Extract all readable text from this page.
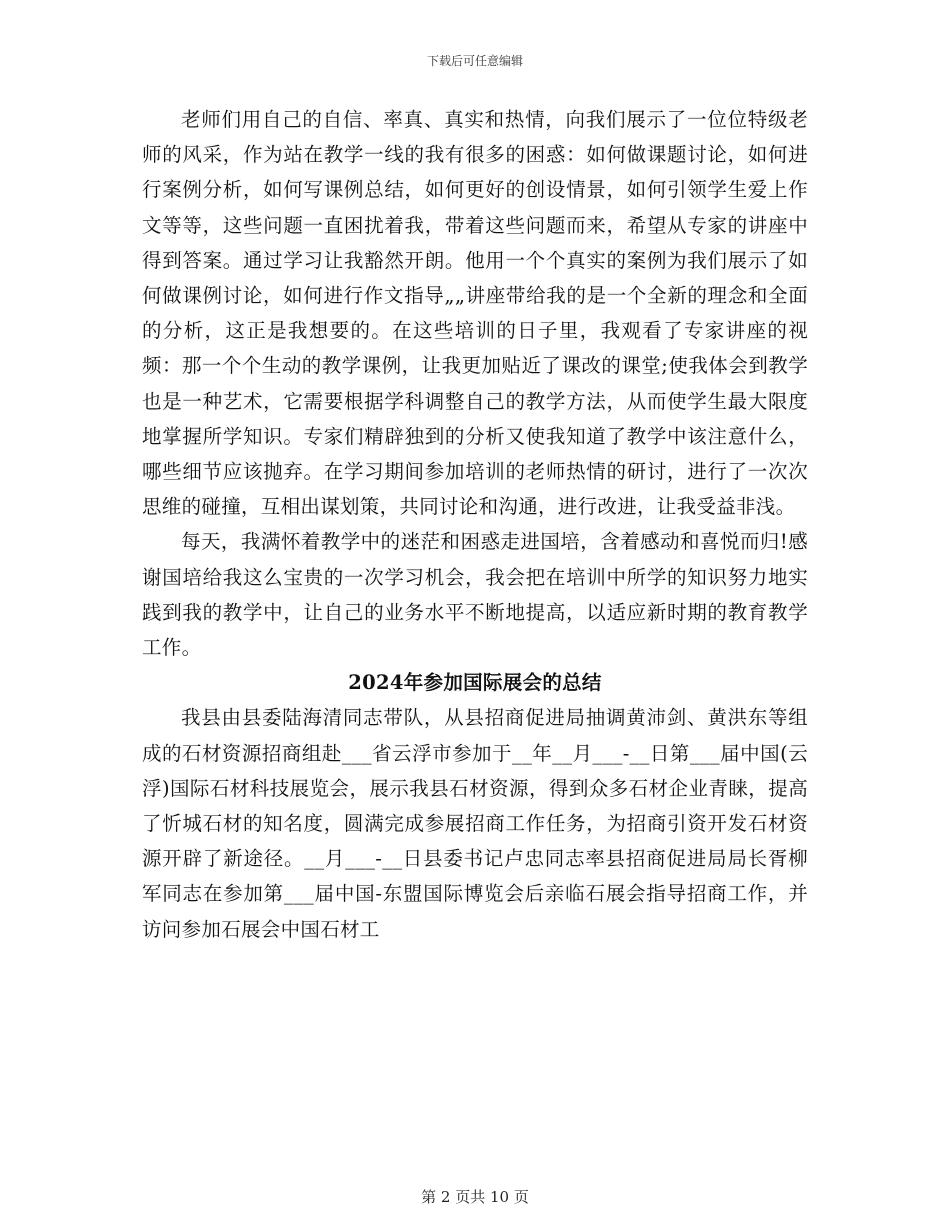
下载后可任意编辑

老师们用自己的自信、率真、真实和热情，向我们展示了一位位特级老师的风采，作为站在教学一线的我有很多的困惑：如何做课题讨论，如何进行案例分析，如何写课例总结，如何更好的创设情景，如何引领学生爱上作文等等，这些问题一直困扰着我，带着这些问题而来，希望从专家的讲座中得到答案。通过学习让我豁然开朗。他用一个个真实的案例为我们展示了如何做课例讨论，如何进行作文指导„„讲座带给我的是一个全新的理念和全面的分析，这正是我想要的。在这些培训的日子里，我观看了专家讲座的视频：那一个个生动的教学课例，让我更加贴近了课改的课堂;使我体会到教学也是一种艺术，它需要根据学科调整自己的教学方法，从而使学生最大限度地掌握所学知识。专家们精辟独到的分析又使我知道了教学中该注意什么，哪些细节应该抛弃。在学习期间参加培训的老师热情的研讨，进行了一次次思维的碰撞，互相出谋划策，共同讨论和沟通，进行改进，让我受益非浅。

每天，我满怀着教学中的迷茫和困惑走进国培，含着感动和喜悦而归!感谢国培给我这么宝贵的一次学习机会，我会把在培训中所学的知识努力地实践到我的教学中，让自己的业务水平不断地提高，以适应新时期的教育教学工作。

2024年参加国际展会的总结

我县由县委陆海清同志带队，从县招商促进局抽调黄沛剑、黄洪东等组成的石材资源招商组赴___省云浮市参加于__年__月___-__日第___届中国(云浮)国际石材科技展览会，展示我县石材资源，得到众多石材企业青睐，提高了忻城石材的知名度，圆满完成参展招商工作任务，为招商引资开发石材资源开辟了新途径。__月___-__日县委书记卢忠同志率县招商促进局局长胥柳军同志在参加第___届中国-东盟国际博览会后亲临石展会指导招商工作，并访问参加石展会中国石材工

第 2 页共 10 页
